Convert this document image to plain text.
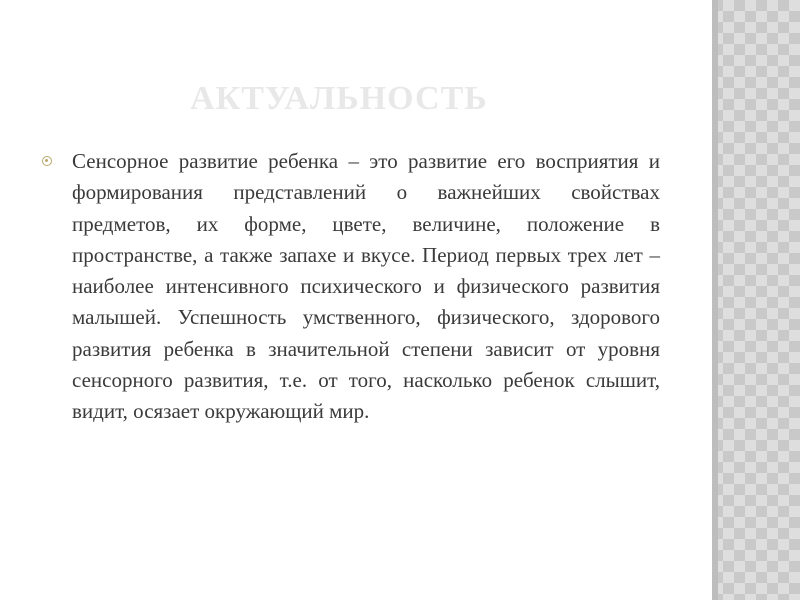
АКТУАЛЬНОСТЬ

Сенсорное развитие ребенка – это развитие его восприятия и формирования представлений о важнейших свойствах предметов, их форме, цвете, величине, положение в пространстве, а также запахе и вкусе. Период первых трех лет – наиболее интенсивного психического и физического развития малышей. Успешность умственного, физического, здорового развития ребенка в значительной степени зависит от уровня сенсорного развития, т.е. от того, насколько ребенок слышит, видит, осязает окружающий мир.
